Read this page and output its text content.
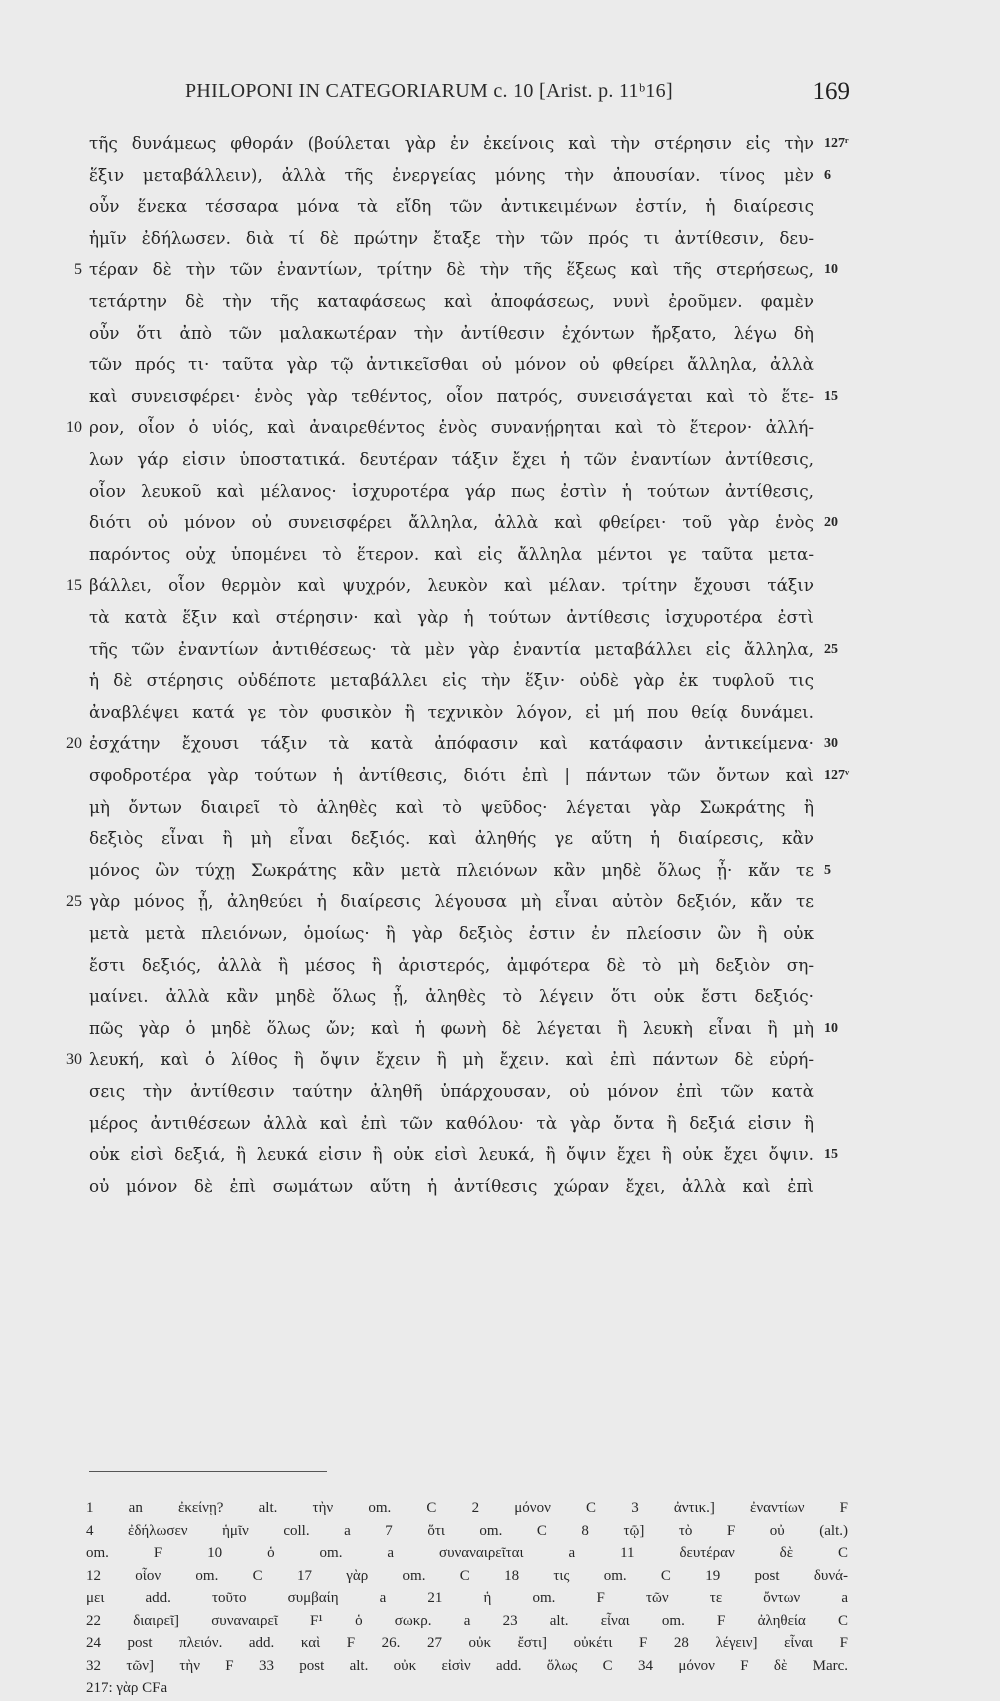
PHILOPONI IN CATEGORIARUM c. 10 [Arist. p. 11ᵇ16]	169
τῆς δυνάμεως φθοράν (βούλεται γὰρ ἐν ἐκείνοις καὶ τὴν στέρησιν εἰς τὴν 127ʳ
ἕξιν μεταβάλλειν), ἀλλὰ τῆς ἐνεργείας μόνης τὴν ἀπουσίαν. τίνος μὲν 6
οὖν ἕνεκα τέσσαρα μόνα τὰ εἴδη τῶν ἀντικειμένων ἐστίν, ἡ διαίρεσις
ἡμῖν ἐδήλωσεν. διὰ τί δὲ πρώτην ἔταξε τὴν τῶν πρός τι ἀντίθεσιν, δευ-
τέραν δὲ τὴν τῶν ἐναντίων, τρίτην δὲ τὴν τῆς ἕξεως καὶ τῆς στερήσεως,
5	10
τετάρτην δὲ τὴν τῆς καταφάσεως καὶ ἀποφάσεως, νυνὶ ἐροῦμεν. φαμὲν
οὖν ὅτι ἀπὸ τῶν μαλακωτέραν τὴν ἀντίθεσιν ἐχόντων ἤρξατο, λέγω δὴ
τῶν πρός τι· ταῦτα γὰρ τῷ ἀντικεῖσθαι οὐ μόνον οὐ φθείρει ἄλληλα, ἀλλὰ
καὶ συνεισφέρει· ἑνὸς γὰρ τεθέντος, οἷον πατρός, συνεισάγεται καὶ τὸ ἕτε- 15
ρον, οἷον ὁ υἱός, καὶ ἀναιρεθέντος ἑνὸς συνανῄρηται καὶ τὸ ἕτερον· ἀλλή-
10
λων γάρ εἰσιν ὑποστατικά. δευτέραν τάξιν ἔχει ἡ τῶν ἐναντίων ἀντίθεσις,
οἷον λευκοῦ καὶ μέλανος· ἰσχυροτέρα γάρ πως ἐστὶν ἡ τούτων ἀντίθεσις,
διότι οὐ μόνον οὐ συνεισφέρει ἄλληλα, ἀλλὰ καὶ φθείρει· τοῦ γὰρ ἑνὸς 20
παρόντος οὐχ ὑπομένει τὸ ἕτερον. καὶ εἰς ἄλληλα μέντοι γε ταῦτα μετα-
βάλλει, οἷον θερμὸν καὶ ψυχρόν, λευκὸν καὶ μέλαν. τρίτην ἔχουσι τάξιν
15
τὰ κατὰ ἕξιν καὶ στέρησιν· καὶ γὰρ ἡ τούτων ἀντίθεσις ἰσχυροτέρα ἐστὶ
τῆς τῶν ἐναντίων ἀντιθέσεως· τὰ μὲν γὰρ ἐναντία μεταβάλλει εἰς ἄλληλα, 25
ἡ δὲ στέρησις οὐδέποτε μεταβάλλει εἰς τὴν ἕξιν· οὐδὲ γὰρ ἐκ τυφλοῦ τις
ἀναβλέψει κατά γε τὸν φυσικὸν ἢ τεχνικὸν λόγον, εἰ μή που θείᾳ δυνάμει.
ἐσχάτην ἔχουσι τάξιν τὰ κατὰ ἀπόφασιν καὶ κατάφασιν ἀντικείμενα·
20	30
σφοδροτέρα γὰρ τούτων ἡ ἀντίθεσις, διότι ἐπὶ | πάντων τῶν ὄντων καὶ 127ᵛ
μὴ ὄντων διαιρεῖ τὸ ἀληθὲς καὶ τὸ ψεῦδος· λέγεται γὰρ Σωκράτης ἢ
δεξιὸς εἶναι ἢ μὴ εἶναι δεξιός. καὶ ἀληθής γε αὕτη ἡ διαίρεσις, κἂν
μόνος ὢν τύχῃ Σωκράτης κἂν μετὰ πλειόνων κἂν μηδὲ ὅλως ᾖ· κἄν τε 5
γὰρ μόνος ᾖ, ἀληθεύει ἡ διαίρεσις λέγουσα μὴ εἶναι αὐτὸν δεξιόν, κἄν τε
25
μετὰ μετὰ πλειόνων, ὁμοίως· ἢ γὰρ δεξιὸς ἐστιν ἐν πλείοσιν ὢν ἢ οὐκ
ἔστι δεξιός, ἀλλὰ ἢ μέσος ἢ ἀριστερός, ἀμφότερα δὲ τὸ μὴ δεξιὸν ση-
μαίνει. ἀλλὰ κἂν μηδὲ ὅλως ᾖ, ἀληθὲς τὸ λέγειν ὅτι οὐκ ἔστι δεξιός·
πῶς γὰρ ὁ μηδὲ ὅλως ὤν; καὶ ἡ φωνὴ δὲ λέγεται ἢ λευκὴ εἶναι ἢ μὴ 10
λευκή, καὶ ὁ λίθος ἢ ὄψιν ἔχειν ἢ μὴ ἔχειν. καὶ ἐπὶ πάντων δὲ εὑρή-
30
σεις τὴν ἀντίθεσιν ταύτην ἀληθῆ ὑπάρχουσαν, οὐ μόνον ἐπὶ τῶν κατὰ
μέρος ἀντιθέσεων ἀλλὰ καὶ ἐπὶ τῶν καθόλου· τὰ γὰρ ὄντα ἢ δεξιά εἰσιν ἢ
οὐκ εἰσὶ δεξιά, ἢ λευκά εἰσιν ἢ οὐκ εἰσὶ λευκά, ἢ ὄψιν ἔχει ἢ οὐκ ἔχει ὄψιν. 15
οὐ μόνον δὲ ἐπὶ σωμάτων αὕτη ἡ ἀντίθεσις χώραν ἔχει, ἀλλὰ καὶ ἐπὶ
1 an ἐκείνῃ? alt. τὴν om. C 2 μόνον C 3 ἀντικ.] ἐναντίων F
4 ἐδήλωσεν ἡμῖν coll. a 7 ὅτι om. C 8 τῷ] τὸ F οὐ (alt.)
om. F 10 ὁ om. a συναναιρεῖται a 11 δευτέραν δὲ C
12 οἷον om. C 17 γὰρ om. C 18 τις om. C 19 post δυνά-
μει add. τοῦτο συμβαίη a 21 ἡ om. F τῶν τε ὄντων a
22 διαιρεῖ] συναναιρεῖ F¹ ὁ σωκρ. a 23 alt. εἶναι om. F ἀληθεία C
24 post πλειόν. add. καὶ F 26. 27 οὐκ ἔστι] οὐκέτι F 28 λέγειν] εἶναι F
32 τῶν] τὴν F 33 post alt. οὐκ εἰσὶν add. ὅλως C 34 μόνον F δὲ Marc.
217: γὰρ CFa
